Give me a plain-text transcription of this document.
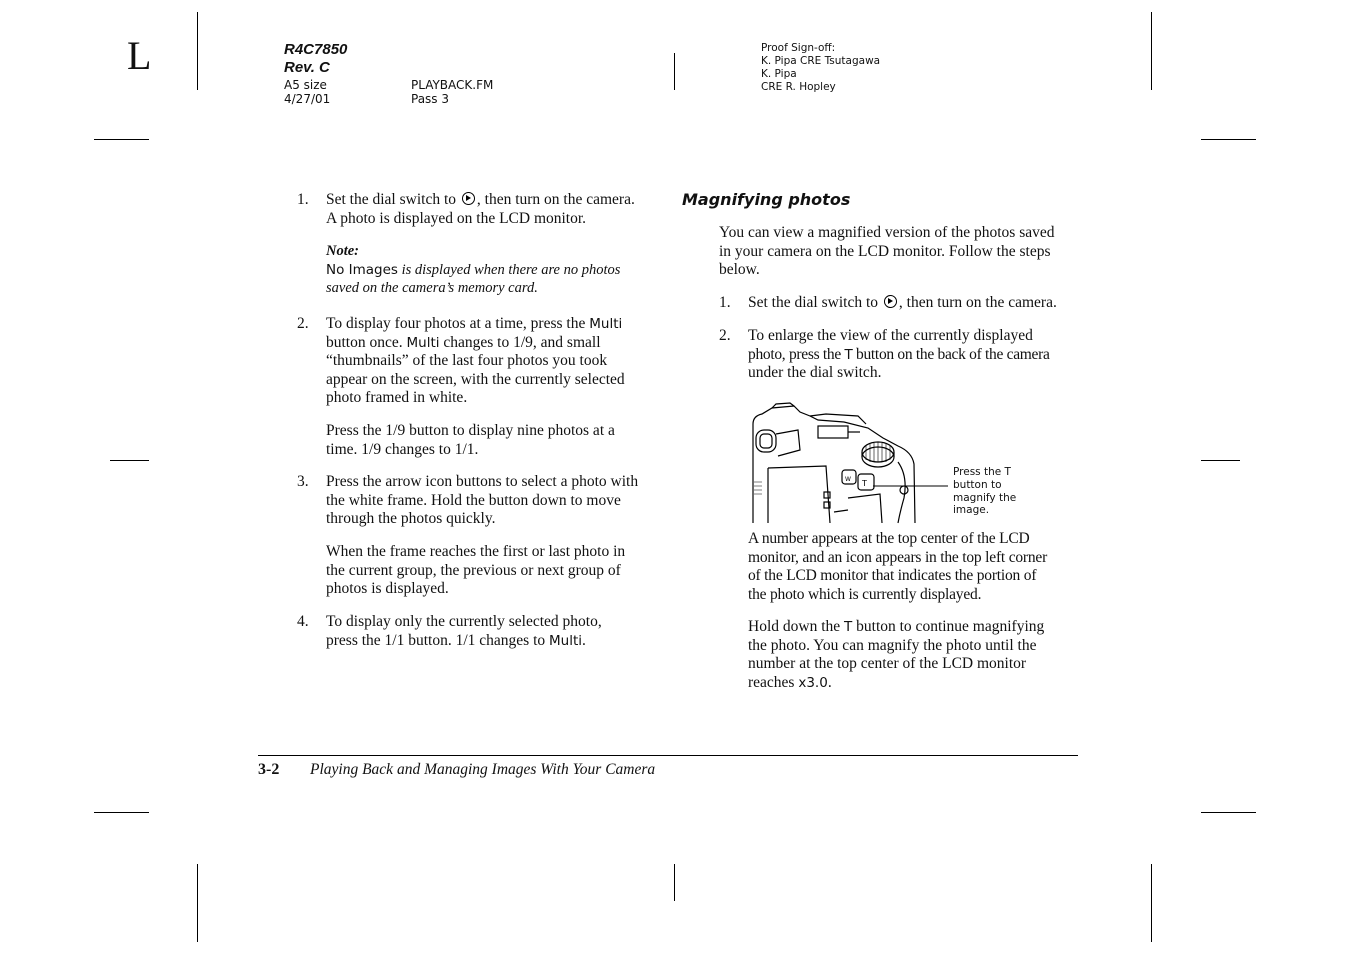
L	R4C7850
Rev. C
A5 size
4/27/01
PLAYBACK.FM
Pass 3
Proof Sign-off:
K. Pipa CRE Tsutagawa
K. Pipa
CRE R. Hopley
1. Set the dial switch to , then turn on the camera.
A photo is displayed on the LCD monitor.
Note:
No Images is displayed when there are no photos
saved on the camera’s memory card.
2. To display four photos at a time, press the Multi
button once. Multi changes to 1/9, and small
“thumbnails” of the last four photos you took
appear on the screen, with the currently selected
photo framed in white.
Press the 1/9 button to display nine photos at a
time. 1/9 changes to 1/1.
3. Press the arrow icon buttons to select a photo with
the white frame. Hold the button down to move
through the photos quickly.
When the frame reaches the first or last photo in
the current group, the previous or next group of
photos is displayed.
4. To display only the currently selected photo,
press the 1/1 button. 1/1 changes to Multi.
Magnifying photos
You can view a magnified version of the photos saved
in your camera on the LCD monitor. Follow the steps
below.
1. Set the dial switch to , then turn on the camera.
2. To enlarge the view of the currently displayed
photo, press the T button on the back of the camera
under the dial switch.
W T
Press the T
button to
magnify the
image.
A number appears at the top center of the LCD
monitor, and an icon appears in the top left corner
of the LCD monitor that indicates the portion of
the photo which is currently displayed.
Hold down the T button to continue magnifying
the photo. You can magnify the photo until the
number at the top center of the LCD monitor
reaches x3.0.
3-2 Playing Back and Managing Images With Your Camera
